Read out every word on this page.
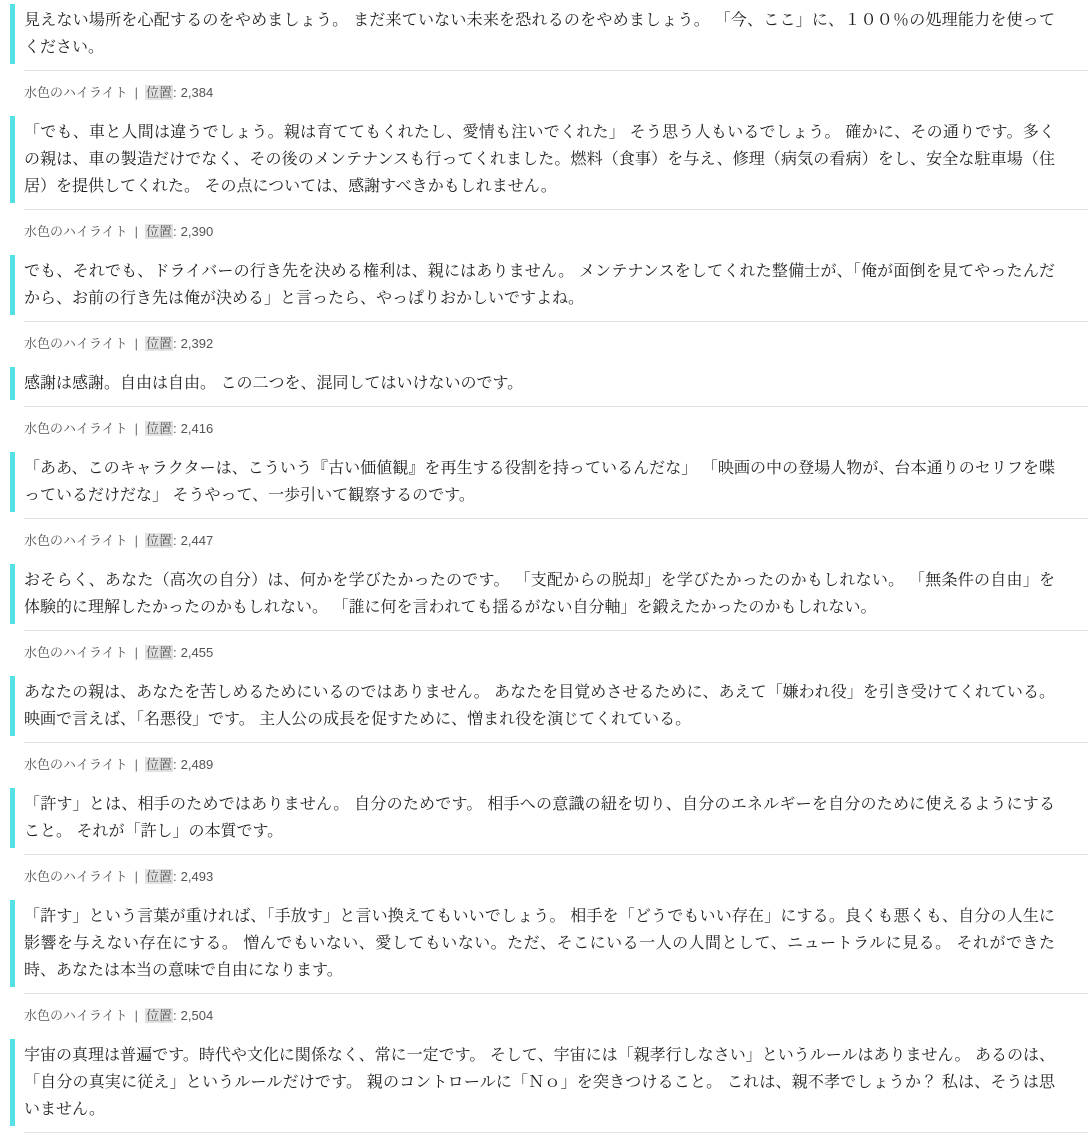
見えない場所を心配するのをやめましょう。 まだ来ていない未来を恐れるのをやめましょう。 「今、ここ」に、１００％の処理能力を使ってください。
水色のハイライト | 位置: 2,384
「でも、車と人間は違うでしょう。親は育ててもくれたし、愛情も注いでくれた」 そう思う人もいるでしょう。 確かに、その通りです。多くの親は、車の製造だけでなく、その後のメンテナンスも行ってくれました。燃料（食事）を与え、修理（病気の看病）をし、安全な駐車場（住居）を提供してくれた。 その点については、感謝すべきかもしれません。
水色のハイライト | 位置: 2,390
でも、それでも、ドライバーの行き先を決める権利は、親にはありません。 メンテナンスをしてくれた整備士が、「俺が面倒を見てやったんだから、お前の行き先は俺が決める」と言ったら、やっぱりおかしいですよね。
水色のハイライト | 位置: 2,392
感謝は感謝。自由は自由。 この二つを、混同してはいけないのです。
水色のハイライト | 位置: 2,416
「ああ、このキャラクターは、こういう『古い価値観』を再生する役割を持っているんだな」 「映画の中の登場人物が、台本通りのセリフを喋っているだけだな」 そうやって、一歩引いて観察するのです。
水色のハイライト | 位置: 2,447
おそらく、あなた（高次の自分）は、何かを学びたかったのです。 「支配からの脱却」を学びたかったのかもしれない。 「無条件の自由」を体験的に理解したかったのかもしれない。 「誰に何を言われても揺るがない自分軸」を鍛えたかったのかもしれない。
水色のハイライト | 位置: 2,455
あなたの親は、あなたを苦しめるためにいるのではありません。 あなたを目覚めさせるために、あえて「嫌われ役」を引き受けてくれている。 映画で言えば、「名悪役」です。 主人公の成長を促すために、憎まれ役を演じてくれている。
水色のハイライト | 位置: 2,489
「許す」とは、相手のためではありません。 自分のためです。 相手への意識の紐を切り、自分のエネルギーを自分のために使えるようにすること。 それが「許し」の本質です。
水色のハイライト | 位置: 2,493
「許す」という言葉が重ければ、「手放す」と言い換えてもいいでしょう。 相手を「どうでもいい存在」にする。良くも悪くも、自分の人生に影響を与えない存在にする。 憎んでもいない、愛してもいない。ただ、そこにいる一人の人間として、ニュートラルに見る。 それができた時、あなたは本当の意味で自由になります。
水色のハイライト | 位置: 2,504
宇宙の真理は普遍です。時代や文化に関係なく、常に一定です。 そして、宇宙には「親孝行しなさい」というルールはありません。 あるのは、「自分の真実に従え」というルールだけです。 親のコントロールに「Ｎｏ」を突きつけること。 これは、親不孝でしょうか？ 私は、そうは思いません。
